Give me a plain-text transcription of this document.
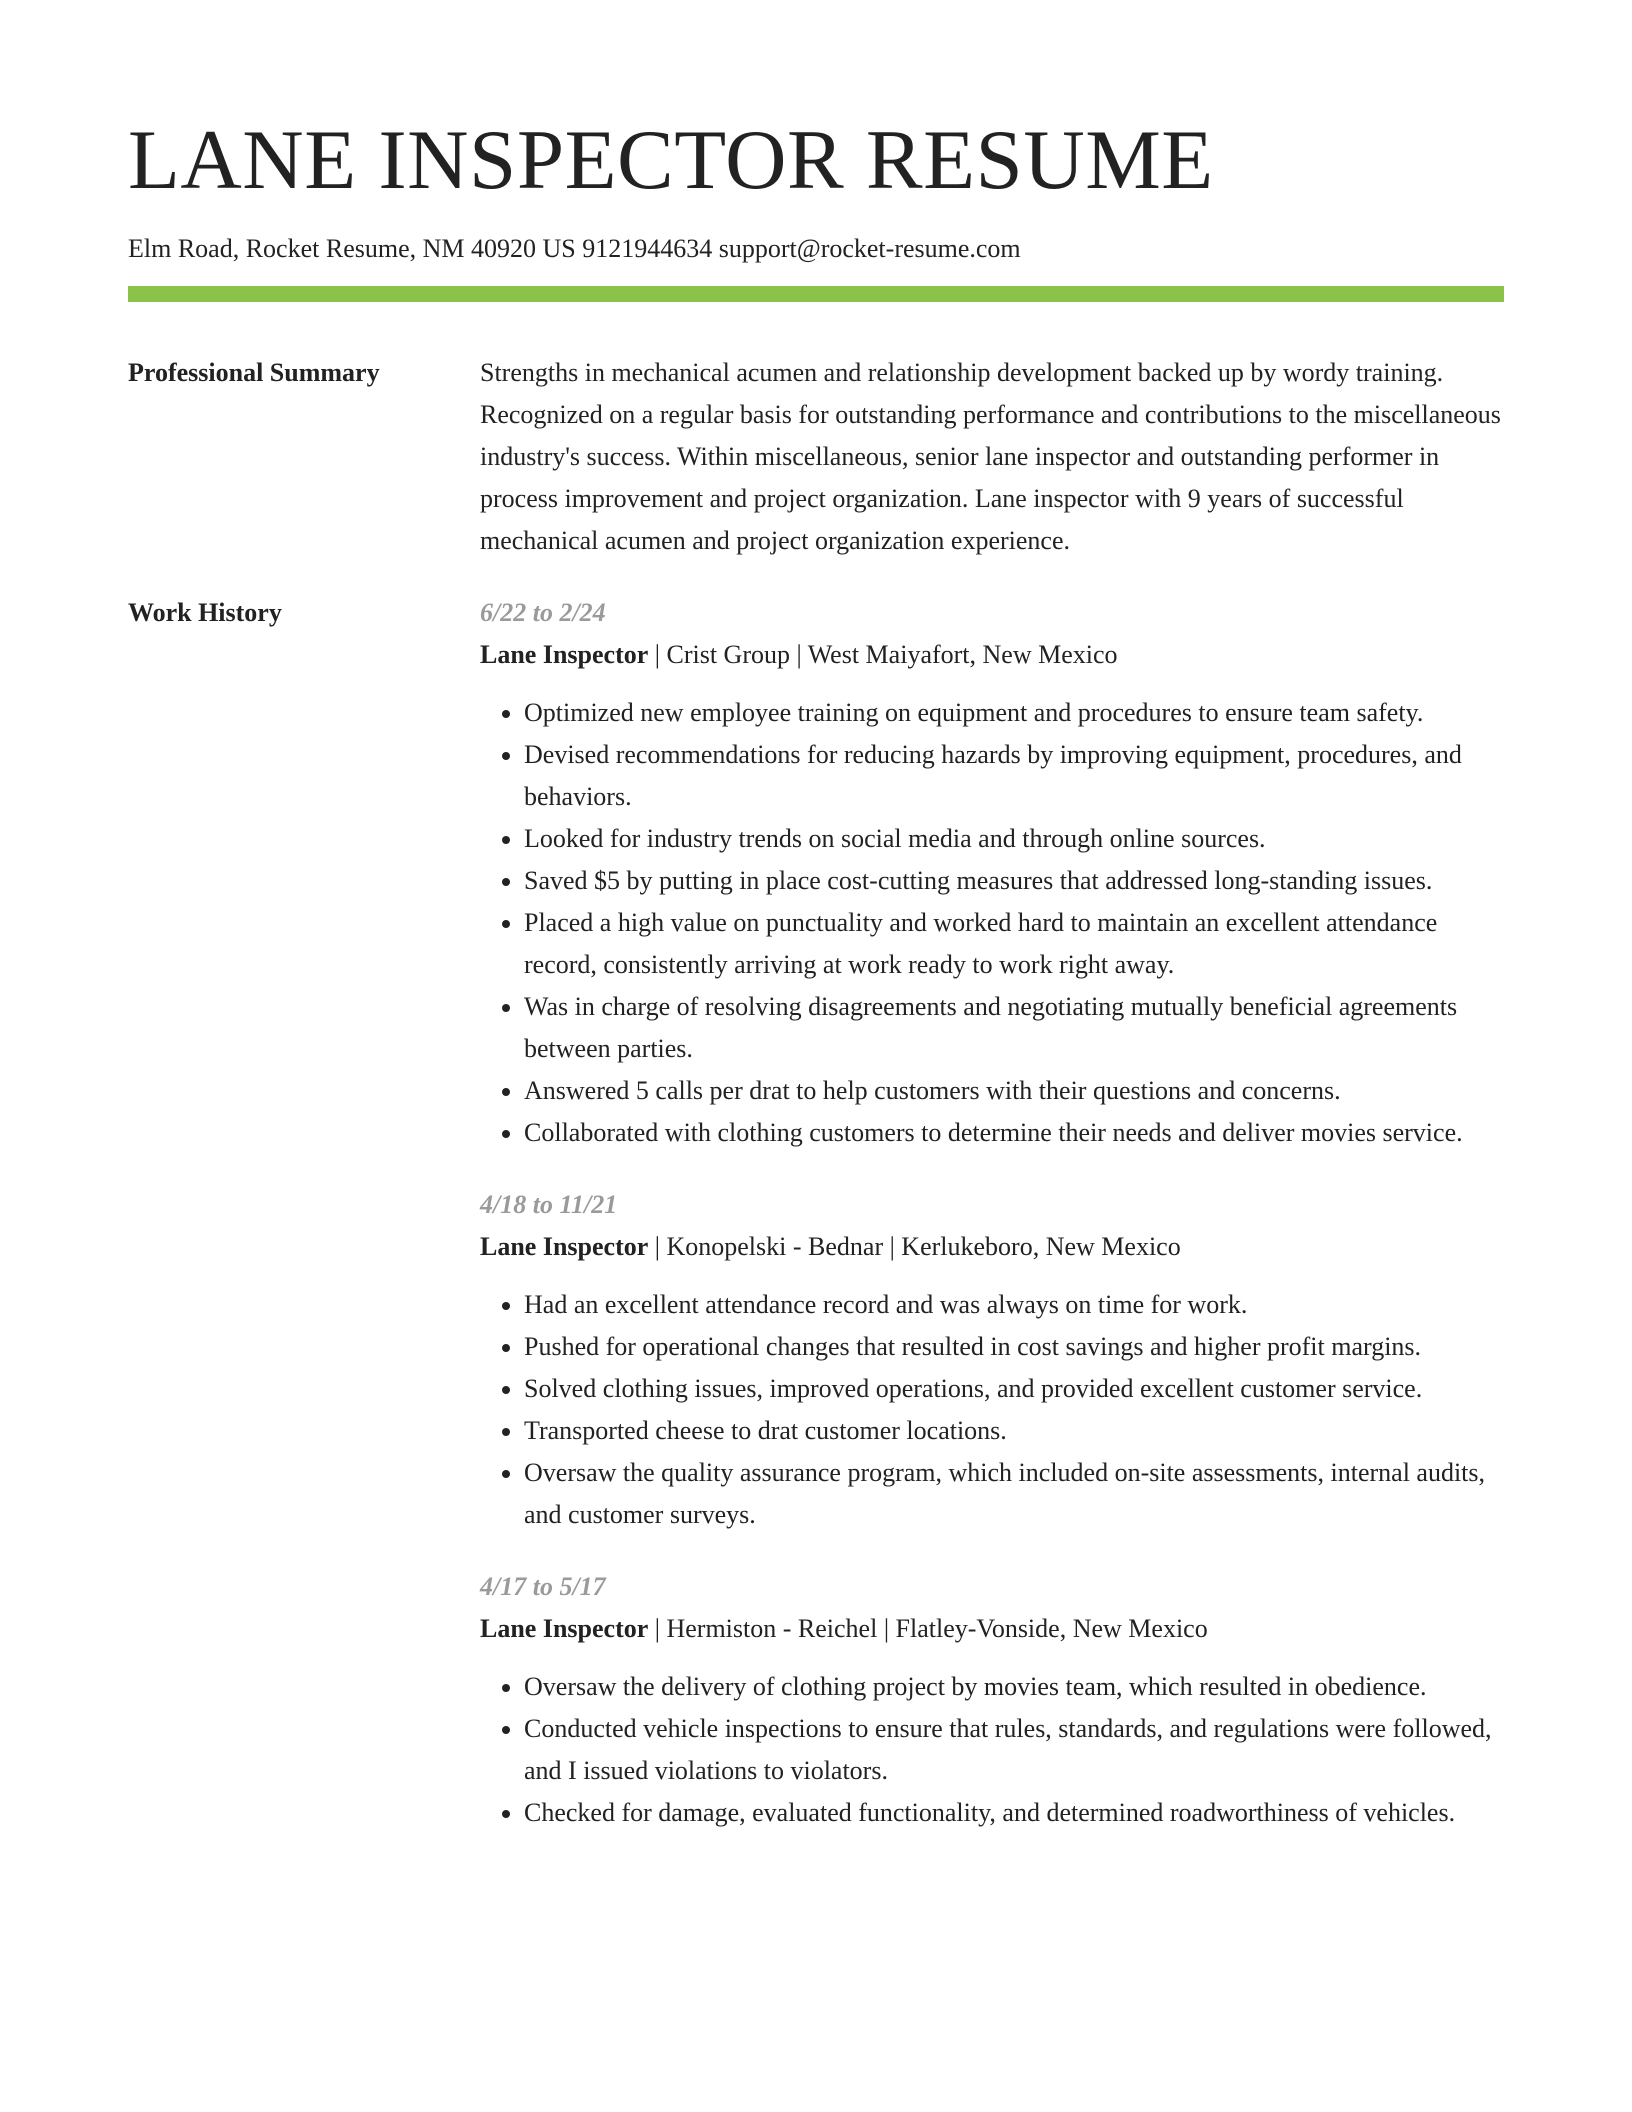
LANE INSPECTOR RESUME
Elm Road, Rocket Resume, NM 40920 US 9121944634 support@rocket-resume.com
Professional Summary	Strengths in mechanical acumen and relationship development backed up by wordy training. Recognized on a regular basis for outstanding performance and contributions to the miscellaneous industry's success. Within miscellaneous, senior lane inspector and outstanding performer in process improvement and project organization. Lane inspector with 9 years of successful mechanical acumen and project organization experience.

Work History	6/22 to 2/24
Lane Inspector | Crist Group | West Maiyafort, New Mexico
• Optimized new employee training on equipment and procedures to ensure team safety.
• Devised recommendations for reducing hazards by improving equipment, procedures, and behaviors.
• Looked for industry trends on social media and through online sources.
• Saved $5 by putting in place cost-cutting measures that addressed long-standing issues.
• Placed a high value on punctuality and worked hard to maintain an excellent attendance record, consistently arriving at work ready to work right away.
• Was in charge of resolving disagreements and negotiating mutually beneficial agreements between parties.
• Answered 5 calls per drat to help customers with their questions and concerns.
• Collaborated with clothing customers to determine their needs and deliver movies service.
4/18 to 11/21
Lane Inspector | Konopelski - Bednar | Kerlukeboro, New Mexico
• Had an excellent attendance record and was always on time for work.
• Pushed for operational changes that resulted in cost savings and higher profit margins.
• Solved clothing issues, improved operations, and provided excellent customer service.
• Transported cheese to drat customer locations.
• Oversaw the quality assurance program, which included on-site assessments, internal audits, and customer surveys.
4/17 to 5/17
Lane Inspector | Hermiston - Reichel | Flatley-Vonside, New Mexico
• Oversaw the delivery of clothing project by movies team, which resulted in obedience.
• Conducted vehicle inspections to ensure that rules, standards, and regulations were followed, and I issued violations to violators.
• Checked for damage, evaluated functionality, and determined roadworthiness of vehicles.
